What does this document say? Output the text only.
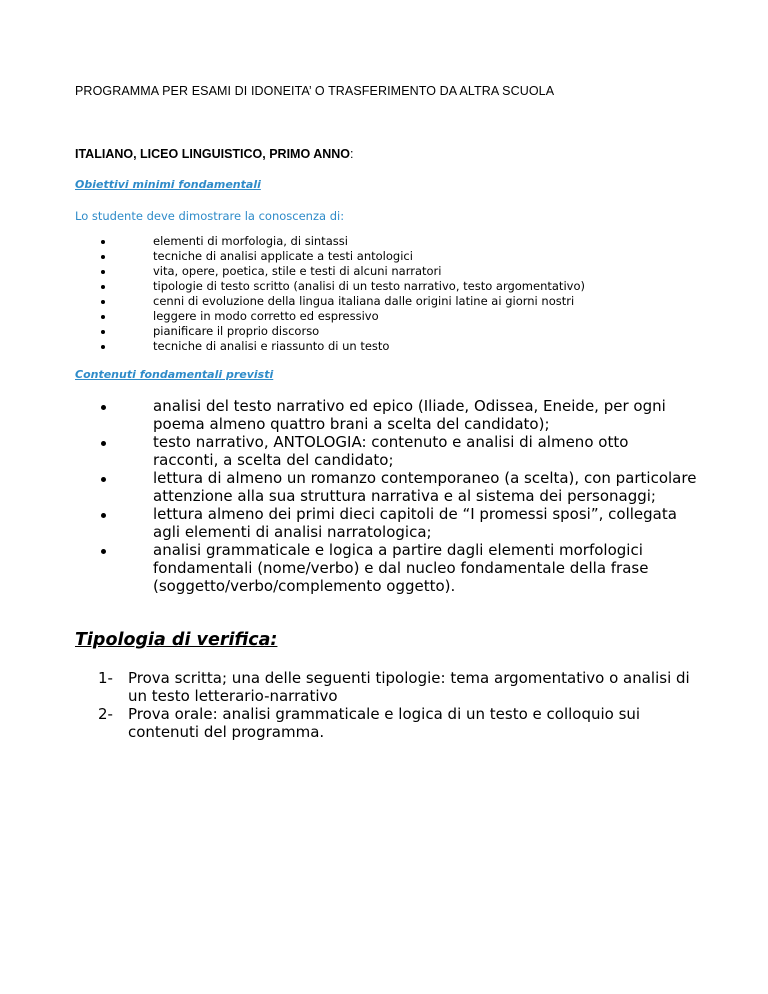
PROGRAMMA PER ESAMI DI IDONEITA’ O TRASFERIMENTO DA ALTRA SCUOLA
ITALIANO, LICEO LINGUISTICO, PRIMO ANNO:
Obiettivi minimi fondamentali
Lo studente deve dimostrare la conoscenza di:
elementi di morfologia, di sintassi
tecniche di analisi applicate a testi antologici
vita, opere, poetica, stile e testi di alcuni narratori
tipologie di testo scritto (analisi di un testo narrativo, testo argomentativo)
cenni di evoluzione della lingua italiana dalle origini latine ai giorni nostri
leggere in modo corretto ed espressivo
pianificare il proprio discorso
tecniche di analisi e riassunto di un testo
Contenuti fondamentali previsti
analisi del testo narrativo ed epico (Iliade, Odissea, Eneide, per ogni poema almeno quattro brani a scelta del candidato);
testo narrativo, ANTOLOGIA: contenuto e analisi di almeno otto racconti, a scelta del candidato;
lettura di almeno un romanzo contemporaneo (a scelta), con particolare attenzione alla sua struttura narrativa e al sistema dei personaggi;
lettura almeno dei primi dieci capitoli de “I promessi sposi”, collegata agli elementi di analisi narratologica;
analisi grammaticale e logica a partire dagli elementi morfologici fondamentali (nome/verbo) e dal nucleo fondamentale della frase (soggetto/verbo/complemento oggetto).
Tipologia di verifica:
1- Prova scritta; una delle seguenti tipologie: tema argomentativo o analisi di un testo letterario-narrativo
2- Prova orale: analisi grammaticale e logica di un testo e colloquio sui contenuti del programma.
